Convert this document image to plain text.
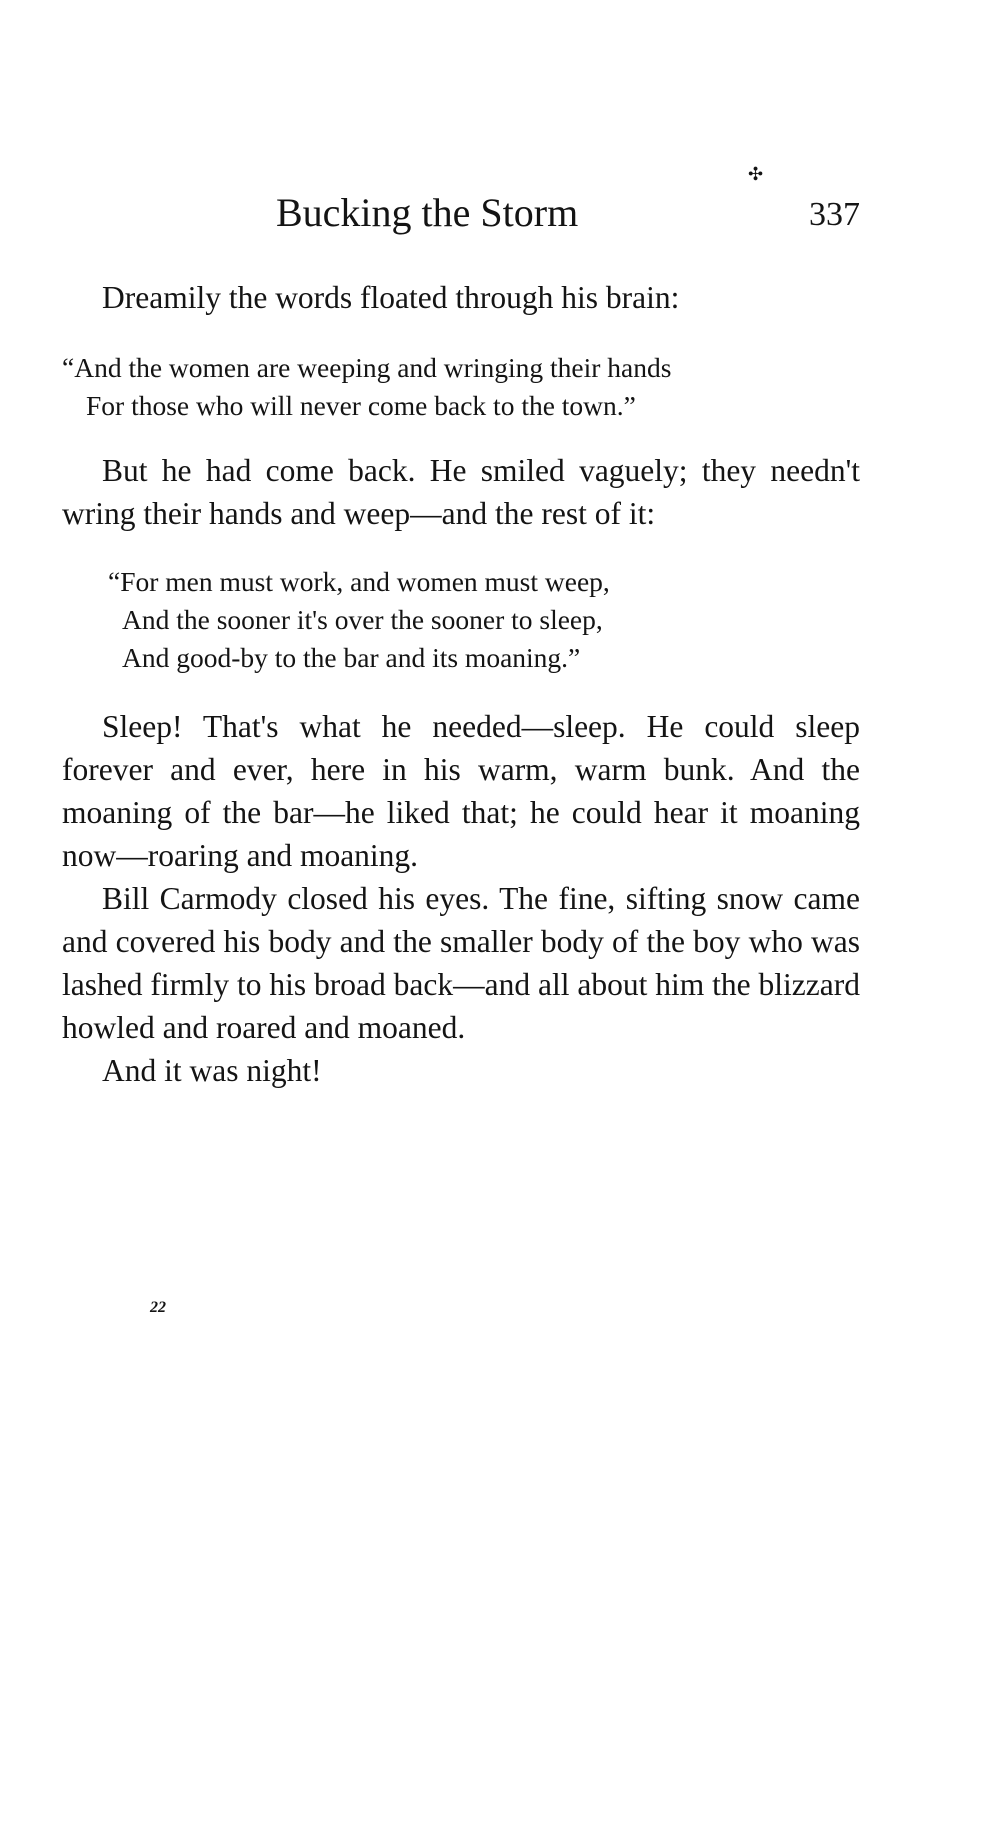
Bucking the Storm	337
✣

Dreamily the words floated through his brain:

“And the women are weeping and wringing their hands
For those who will never come back to the town.”

But he had come back. He smiled vaguely; they needn't wring their hands and weep—and the rest of it:

“For men must work, and women must weep,
And the sooner it's over the sooner to sleep,
And good-by to the bar and its moaning.”

Sleep! That's what he needed—sleep. He could sleep forever and ever, here in his warm, warm bunk. And the moaning of the bar—he liked that; he could hear it moaning now—roaring and moaning.

Bill Carmody closed his eyes. The fine, sifting snow came and covered his body and the smaller body of the boy who was lashed firmly to his broad back—and all about him the blizzard howled and roared and moaned.

And it was night!

22
